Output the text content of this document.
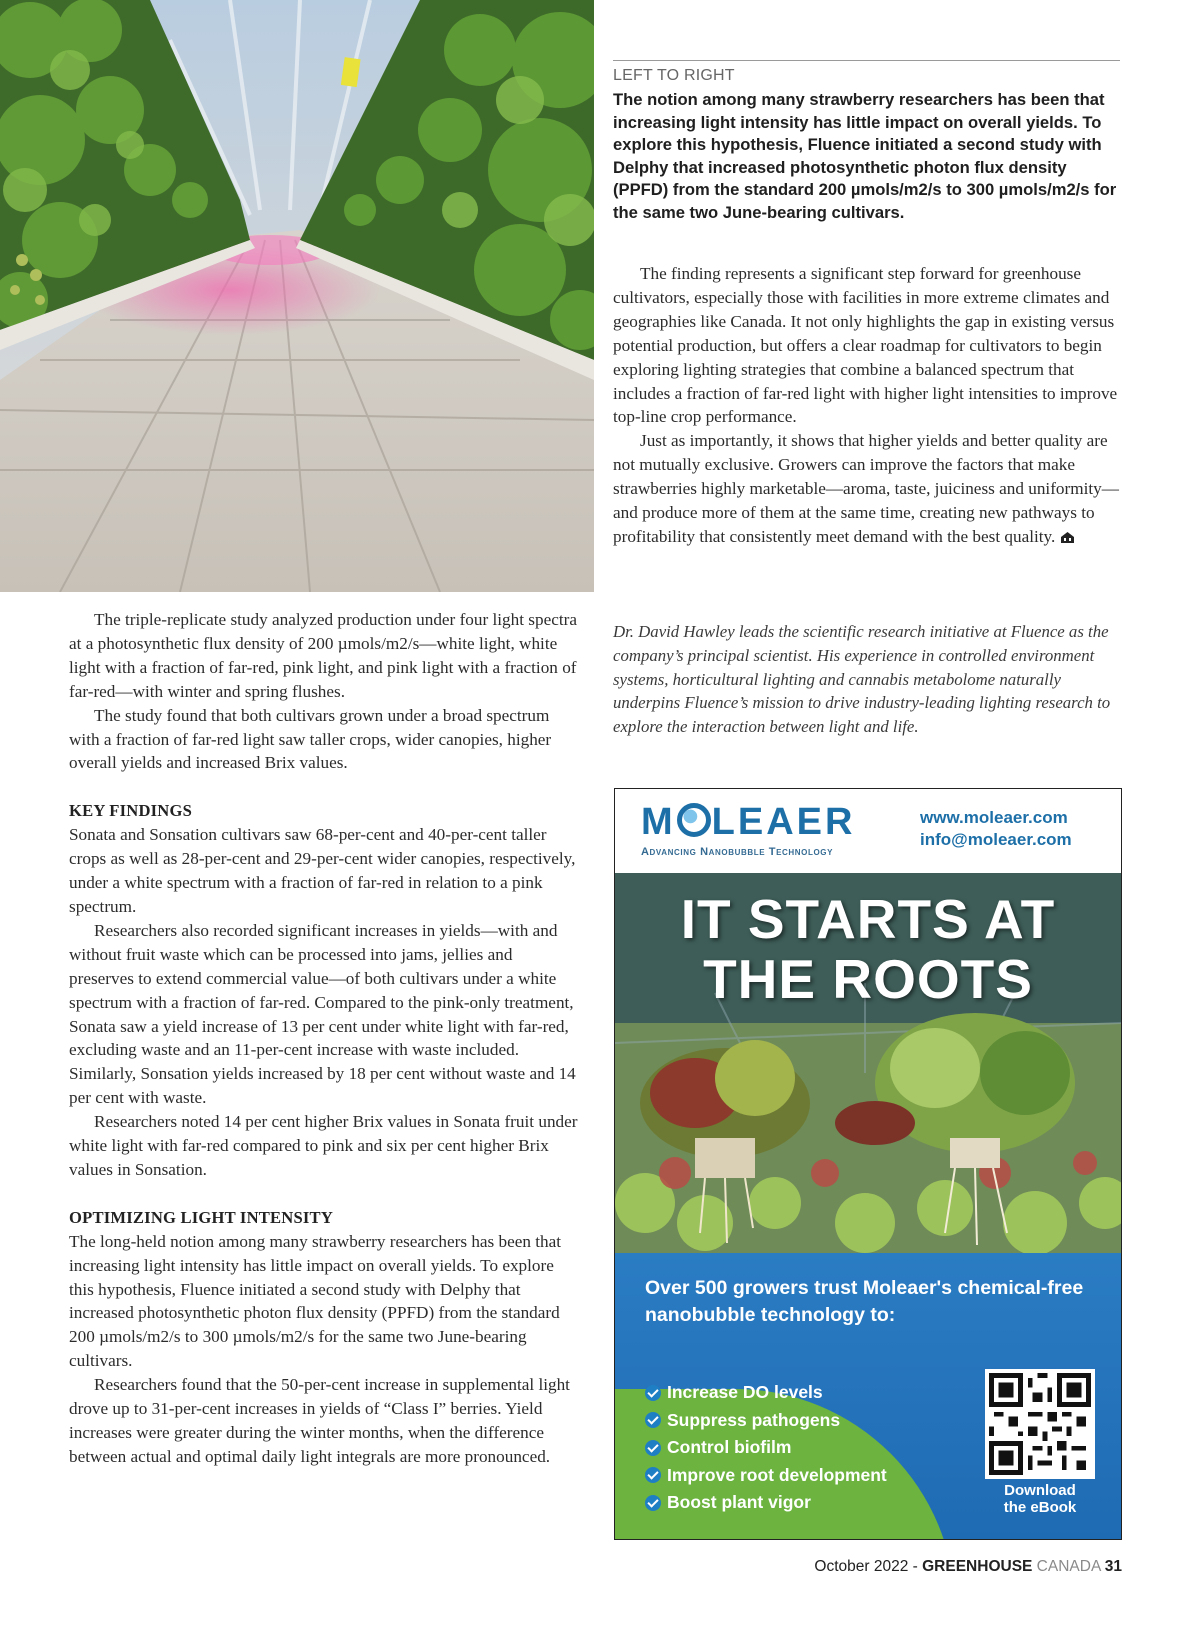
LEFT TO RIGHT

The notion among many strawberry researchers has been that increasing light intensity has little impact on overall yields. To explore this hypothesis, Fluence initiated a second study with Delphy that increased photosynthetic photon flux density (PPFD) from the standard 200 µmols/m2/s to 300 µmols/m2/s for the same two June-bearing cultivars.

The finding represents a significant step forward for greenhouse cultivators, especially those with facilities in more extreme climates and geographies like Canada. It not only highlights the gap in existing versus potential production, but offers a clear roadmap for cultivators to begin exploring lighting strategies that combine a balanced spectrum that includes a fraction of far-red light with higher light intensities to improve top-line crop performance.

Just as importantly, it shows that higher yields and better quality are not mutually exclusive. Growers can improve the factors that make strawberries highly marketable—aroma, taste, juiciness and uniformity—and produce more of them at the same time, creating new pathways to profitability that consistently meet demand with the best quality.

Dr. David Hawley leads the scientific research initiative at Fluence as the company’s principal scientist. His experience in controlled environment systems, horticultural lighting and cannabis metabolome naturally underpins Fluence’s mission to drive industry-leading lighting research to explore the interaction between light and life.

The triple-replicate study analyzed production under four light spectra at a photosynthetic flux density of 200 µmols/m2/s—white light, white light with a fraction of far-red, pink light, and pink light with a fraction of far-red—with winter and spring flushes.

The study found that both cultivars grown under a broad spectrum with a fraction of far-red light saw taller crops, wider canopies, higher overall yields and increased Brix values.

KEY FINDINGS

Sonata and Sonsation cultivars saw 68-per-cent and 40-per-cent taller crops as well as 28-per-cent and 29-per-cent wider canopies, respectively, under a white spectrum with a fraction of far-red in relation to a pink spectrum.

Researchers also recorded significant increases in yields—with and without fruit waste which can be processed into jams, jellies and preserves to extend commercial value—of both cultivars under a white spectrum with a fraction of far-red. Compared to the pink-only treatment, Sonata saw a yield increase of 13 per cent under white light with far-red, excluding waste and an 11-per-cent increase with waste included. Similarly, Sonsation yields increased by 18 per cent without waste and 14 per cent with waste.

Researchers noted 14 per cent higher Brix values in Sonata fruit under white light with far-red compared to pink and six per cent higher Brix values in Sonsation.

OPTIMIZING LIGHT INTENSITY

The long-held notion among many strawberry researchers has been that increasing light intensity has little impact on overall yields. To explore this hypothesis, Fluence initiated a second study with Delphy that increased photosynthetic photon flux density (PPFD) from the standard 200 µmols/m2/s to 300 µmols/m2/s for the same two June-bearing cultivars.

Researchers found that the 50-per-cent increase in supplemental light drove up to 31-per-cent increases in yields of “Class I” berries. Yield increases were greater during the winter months, when the difference between actual and optimal daily light integrals are more pronounced.

M LEAER
Advancing Nanobubble Technology
www.moleaer.com
info@moleaer.com
IT STARTS AT
THE ROOTS
Over 500 growers trust Moleaer's chemical-free nanobubble technology to:
Increase DO levels
Suppress pathogens
Control biofilm
Improve root development
Boost plant vigor
Download
the eBook
October 2022 - GREENHOUSE CANADA 31
